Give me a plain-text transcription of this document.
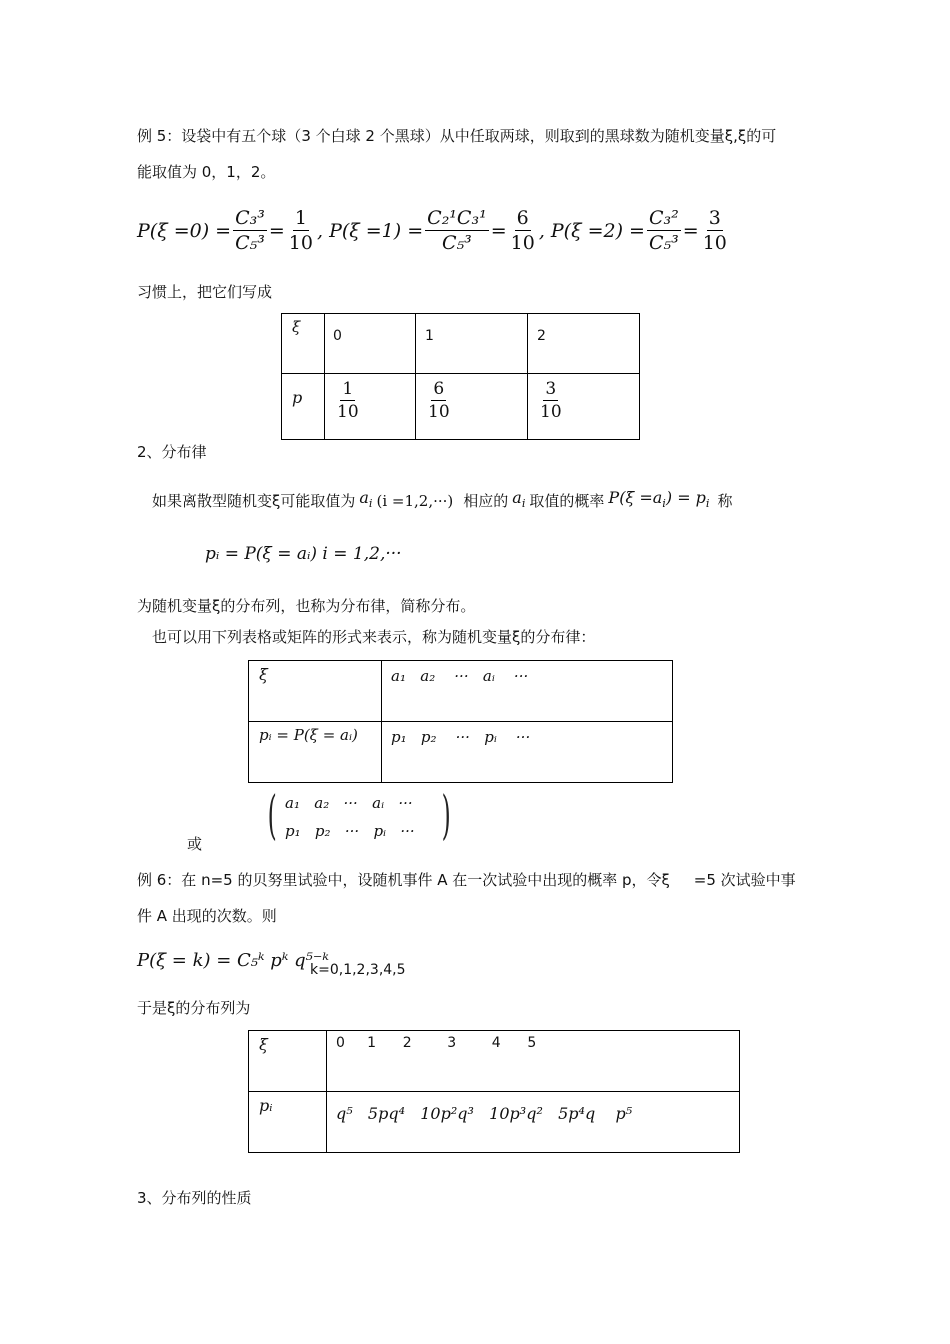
例 5：设袋中有五个球（3 个白球 2 个黑球）从中任取两球，则取到的黑球数为随机变量ξ,ξ的可
能取值为 0，1，2。
$P(\xi =0) = \frac{\text{C₃³}}{\text{C₅³}} = \frac{1}{10}$ , $P(\xi =1) = \frac{\text{C₂¹C₃¹}}{\text{C₅³}} = \frac{6}{10}$ , $P(\xi =2) = \frac{\text{C₃²}}{\text{C₅³}} = \frac{3}{10}$
习惯上，把它们写成
ξ	0	1	2

p	$\frac{1}{10}$	$\frac{6}{10}$	$\frac{3}{10}$
2、分布律
如果离散型随机变ξ可能取值为 $a_i$ (i =1,2,···) 相应的 $a_i$ 取值的概率 $P(\xi =a_i) = p_i$ 称
pᵢ = P(ξ = aᵢ) i = 1,2,···
为随机变量ξ的分布列，也称为分布律，简称分布。
也可以用下列表格或矩阵的形式来表示，称为随机变量ξ的分布律：
ξ	a₁   a₂    ···   aᵢ    ···

pᵢ = P(ξ = aᵢ)	p₁   p₂    ···   pᵢ    ···
(	)
a₁   a₂   ···   aᵢ   ···
p₁   p₂   ···   pᵢ   ···
或
例 6：在 n=5 的贝努里试验中，设随机事件 A 在一次试验中出现的概率 p，令ξ     =5 次试验中事
件 A 出现的次数。则
P(ξ = k) = C₅ᵏ pᵏ q⁵⁻ᵏ
k=0,1,2,3,4,5
于是ξ的分布列为
ξ	0     1      2        3        4      5

pᵢ	q⁵   5pq⁴   10p²q³   10p³q²   5p⁴q    p⁵
3、分布列的性质
